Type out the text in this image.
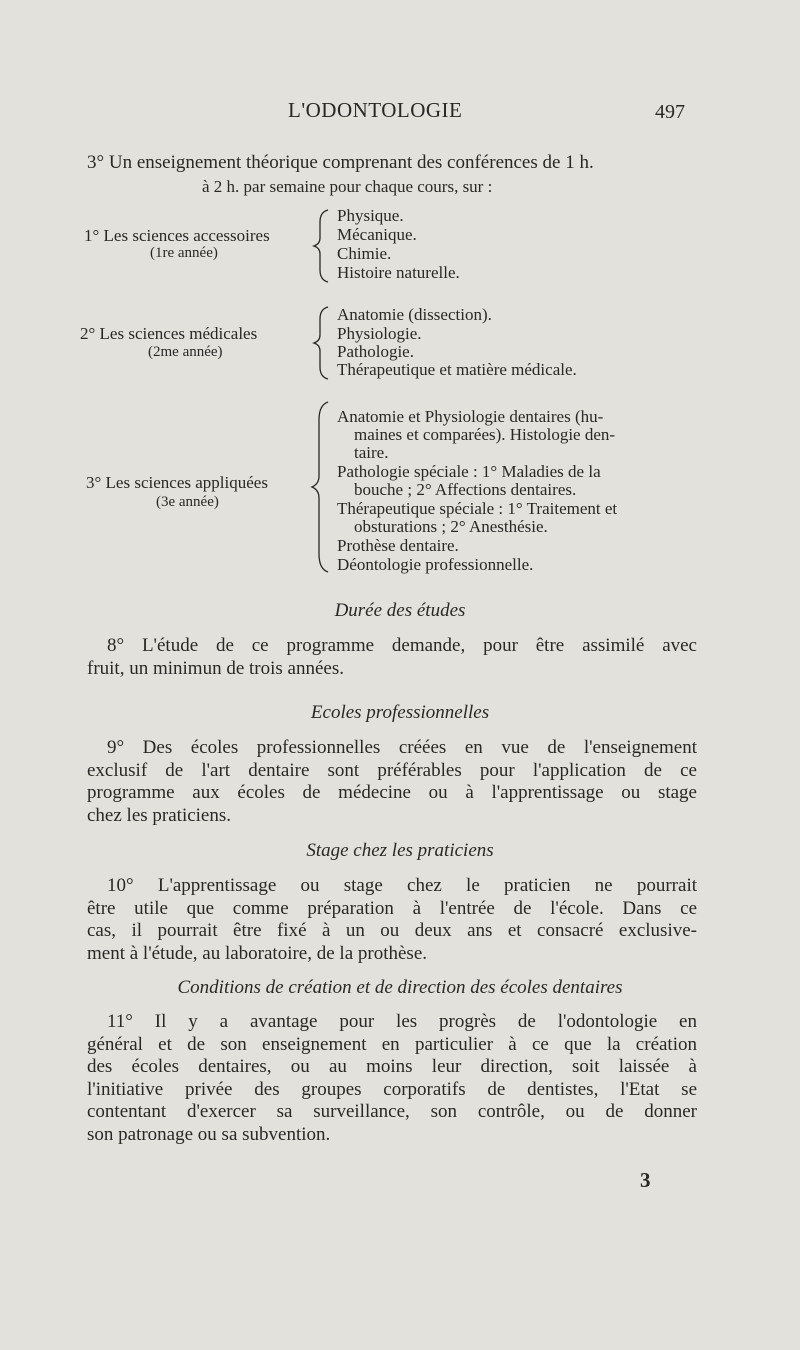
L'ODONTOLOGIE	497
3° Un enseignement théorique comprenant des conférences de 1 h.
à 2 h. par semaine pour chaque cours, sur :
1° Les sciences accessoires
(1re année)
Physique.
Mécanique.
Chimie.
Histoire naturelle.
2° Les sciences médicales
(2me année)
Anatomie (dissection).
Physiologie.
Pathologie.
Thérapeutique et matière médicale.
3° Les sciences appliquées
(3e année)
Anatomie et Physiologie dentaires (hu-
maines et comparées). Histologie den-
taire.
Pathologie spéciale : 1° Maladies de la
bouche ; 2° Affections dentaires.
Thérapeutique spéciale : 1° Traitement et
obsturations ; 2° Anesthésie.
Prothèse dentaire.
Déontologie professionnelle.
Durée des études
8° L'étude de ce programme demande, pour être assimilé avec
fruit, un minimun de trois années.
Ecoles professionnelles
9° Des écoles professionnelles créées en vue de l'enseignement
exclusif de l'art dentaire sont préférables pour l'application de ce
programme aux écoles de médecine ou à l'apprentissage ou stage
chez les praticiens.
Stage chez les praticiens
10° L'apprentissage ou stage chez le praticien ne pourrait
être utile que comme préparation à l'entrée de l'école. Dans ce
cas, il pourrait être fixé à un ou deux ans et consacré exclusive-
ment à l'étude, au laboratoire, de la prothèse.
Conditions de création et de direction des écoles dentaires
11° Il y a avantage pour les progrès de l'odontologie en
général et de son enseignement en particulier à ce que la création
des écoles dentaires, ou au moins leur direction, soit laissée à
l'initiative privée des groupes corporatifs de dentistes, l'Etat se
contentant d'exercer sa surveillance, son contrôle, ou de donner
son patronage ou sa subvention.
3
